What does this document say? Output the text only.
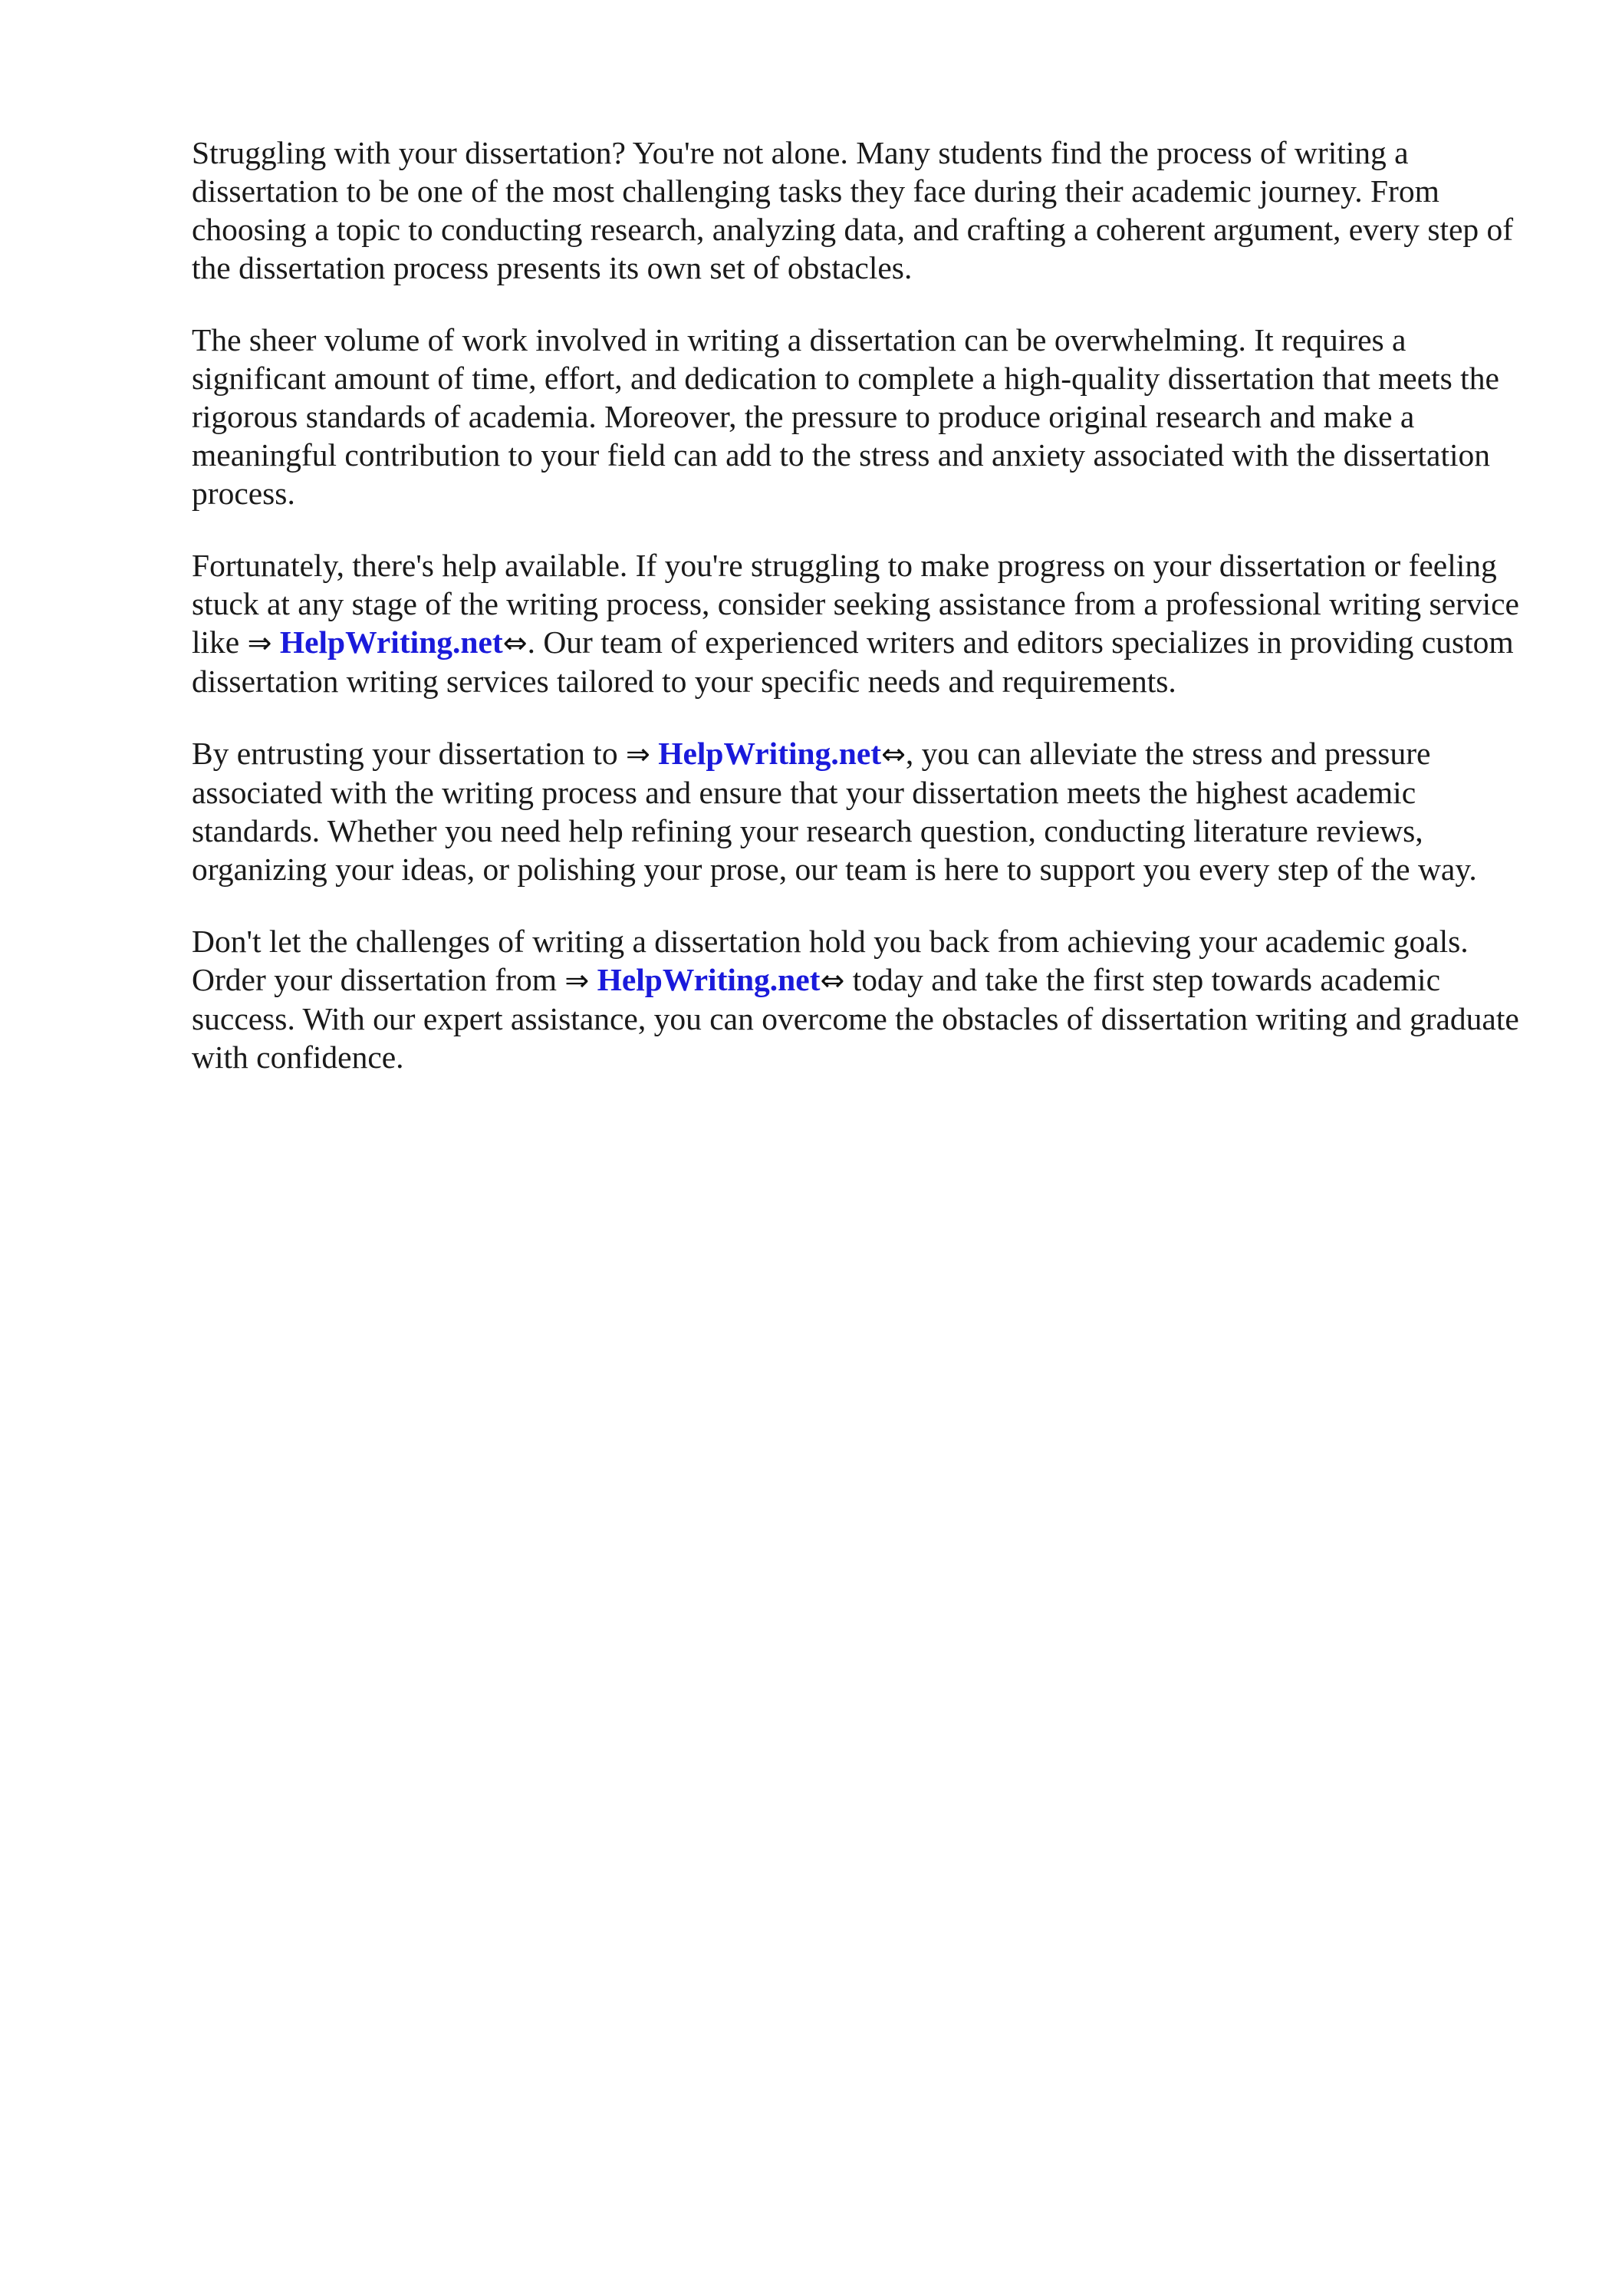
Struggling with your dissertation? You're not alone. Many students find the process of writing a dissertation to be one of the most challenging tasks they face during their academic journey. From choosing a topic to conducting research, analyzing data, and crafting a coherent argument, every step of the dissertation process presents its own set of obstacles.

The sheer volume of work involved in writing a dissertation can be overwhelming. It requires a significant amount of time, effort, and dedication to complete a high-quality dissertation that meets the rigorous standards of academia. Moreover, the pressure to produce original research and make a meaningful contribution to your field can add to the stress and anxiety associated with the dissertation process.

Fortunately, there's help available. If you're struggling to make progress on your dissertation or feeling stuck at any stage of the writing process, consider seeking assistance from a professional writing service like ⇒ HelpWriting.net⇔. Our team of experienced writers and editors specializes in providing custom dissertation writing services tailored to your specific needs and requirements.

By entrusting your dissertation to ⇒ HelpWriting.net⇔, you can alleviate the stress and pressure associated with the writing process and ensure that your dissertation meets the highest academic standards. Whether you need help refining your research question, conducting literature reviews, organizing your ideas, or polishing your prose, our team is here to support you every step of the way.

Don't let the challenges of writing a dissertation hold you back from achieving your academic goals. Order your dissertation from ⇒ HelpWriting.net⇔ today and take the first step towards academic success. With our expert assistance, you can overcome the obstacles of dissertation writing and graduate with confidence.
